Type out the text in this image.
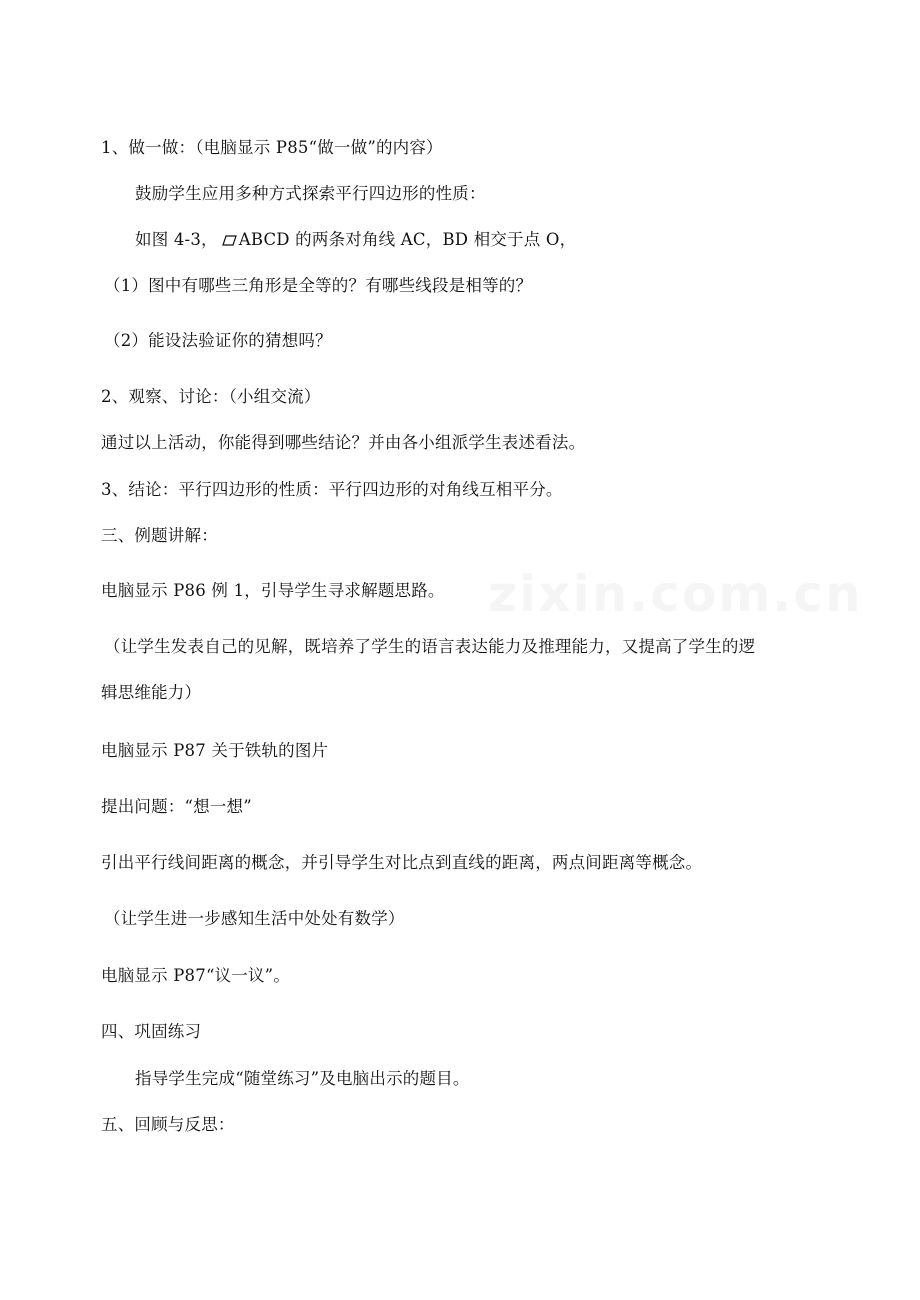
1、做一做：（电脑显示 P85“做一做”的内容）
鼓励学生应用多种方式探索平行四边形的性质：
如图 4-3， ABCD 的两条对角线 AC，BD 相交于点 O，
（1）图中有哪些三角形是全等的？有哪些线段是相等的？
（2）能设法验证你的猜想吗？
2、观察、讨论：（小组交流）
通过以上活动，你能得到哪些结论？并由各小组派学生表述看法。
3、结论：平行四边形的性质：平行四边形的对角线互相平分。
三、例题讲解：
电脑显示 P86 例 1，引导学生寻求解题思路。
（让学生发表自己的见解，既培养了学生的语言表达能力及推理能力，又提高了学生的逻
辑思维能力）
电脑显示 P87 关于铁轨的图片
提出问题：“想一想”
引出平行线间距离的概念，并引导学生对比点到直线的距离，两点间距离等概念。
（让学生进一步感知生活中处处有数学）
电脑显示 P87“议一议”。
四、巩固练习
指导学生完成“随堂练习”及电脑出示的题目。
五、回顾与反思：
zixin.com.cn
